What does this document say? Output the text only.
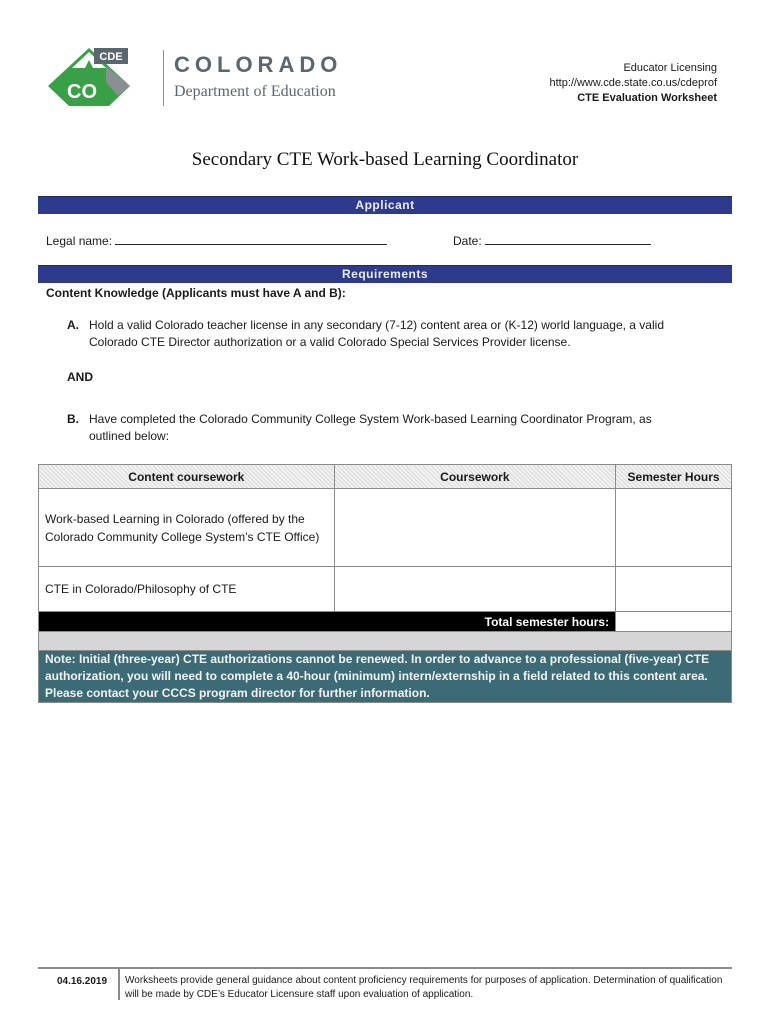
CDE
CO
COLORADO
Department of Education
Educator Licensing
http://www.cde.state.co.us/cdeprof
CTE Evaluation Worksheet
Secondary CTE Work-based Learning Coordinator
Applicant
Legal name:	Date:
Requirements
Content Knowledge (Applicants must have A and B):
A. Hold a valid Colorado teacher license in any secondary (7-12) content area or (K-12) world language, a valid
Colorado CTE Director authorization or a valid Colorado Special Services Provider license.
AND
B. Have completed the Colorado Community College System Work-based Learning Coordinator Program, as
outlined below:
Content coursework	Coursework	Semester Hours
Work-based Learning in Colorado (offered by the Colorado Community College System’s CTE Office)		
CTE in Colorado/Philosophy of CTE		
Total semester hours:		

Note: Initial (three-year) CTE authorizations cannot be renewed. In order to advance to a professional (five-year) CTE authorization, you will need to complete a 40-hour (minimum) intern/externship in a field related to this content area. Please contact your CCCS program director for further information.		
04.16.2019	Worksheets provide general guidance about content proficiency requirements for purposes of application. Determination of qualification will be made by CDE’s Educator Licensure staff upon evaluation of application.
